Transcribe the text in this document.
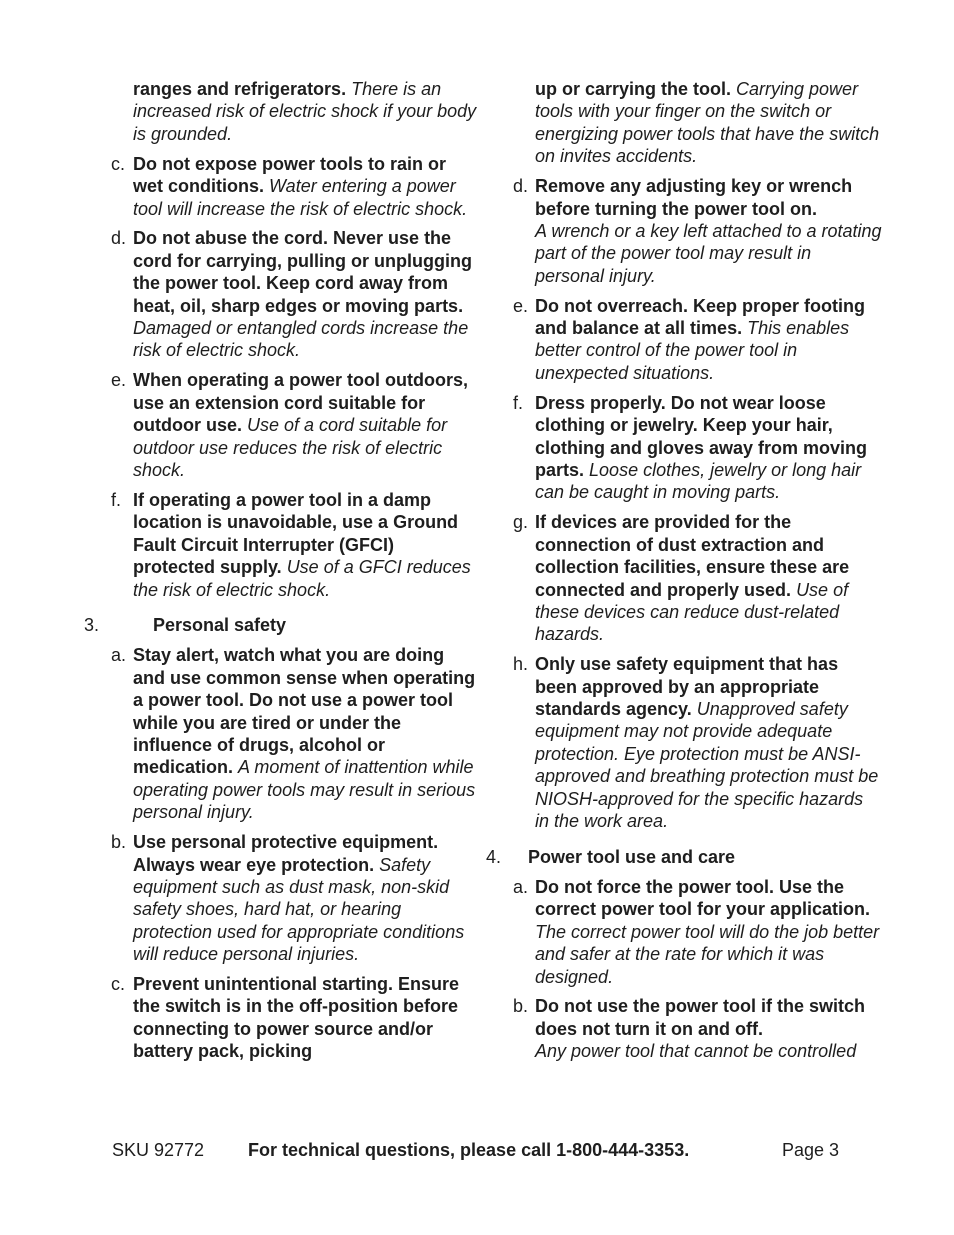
ranges and refrigerators. There is an increased risk of electric shock if your body is grounded.
c. Do not expose power tools to rain or wet conditions. Water entering a power tool will increase the risk of electric shock.
d. Do not abuse the cord. Never use the cord for carrying, pulling or unplugging the power tool. Keep cord away from heat, oil, sharp edges or moving parts.Damaged or entangled cords increase the risk of electric shock.
e. When operating a power tool outdoors, use an extension cord suitable for outdoor use. Use of a cord suitable for outdoor use reduces the risk of electric shock.
f. If operating a power tool in a damp location is unavoidable, use a Ground Fault Circuit Interrupter (GFCI) protected supply. Use of a GFCI reduces the risk of electric shock.
3.	Personal safety
a. Stay alert, watch what you are doing and use common sense when operating a power tool. Do not use a power tool while you are tired or under the influence of drugs, alcohol or medication. A moment of inattention while operating power tools may result in serious personal injury.
b. Use personal protective equipment. Always wear eye protection. Safety equipment such as dust mask, non-skid safety shoes, hard hat, or hearing protection used for appropriate conditions will reduce personal injuries.
c. Prevent unintentional starting. Ensure the switch is in the off-position before connecting to power source and/or battery pack, picking
up or carrying the tool. Carrying power tools with your finger on the switch or energizing power tools that have the switch on invites accidents.
d. Remove any adjusting key or wrench before turning the power tool on.
A wrench or a key left attached to a rotating part of the power tool may result in personal injury.
e. Do not overreach. Keep proper footing and balance at all times. This enables better control of the power tool in unexpected situations.
f. Dress properly. Do not wear loose clothing or jewelry. Keep your hair, clothing and gloves away from moving parts. Loose clothes, jewelry or long hair can be caught in moving parts.
g. If devices are provided for the connection of dust extraction and collection facilities, ensure these are connected and properly used. Use of these devices can reduce dust-related hazards.
h. Only use safety equipment that has been approved by an appropriate standards agency. Unapproved safety equipment may not provide adequate protection. Eye protection must be ANSI-approved and breathing protection must be NIOSH-approved for the specific hazards in the work area.
4. Power tool use and care
a. Do not force the power tool. Use the correct power tool for your application.The correct power tool will do the job better and safer at the rate for which it was designed.
b. Do not use the power tool if the switch does not turn it on and off.
Any power tool that cannot be controlled
SKU 92772 For technical questions, please call 1-800-444-3353.	Page 3
